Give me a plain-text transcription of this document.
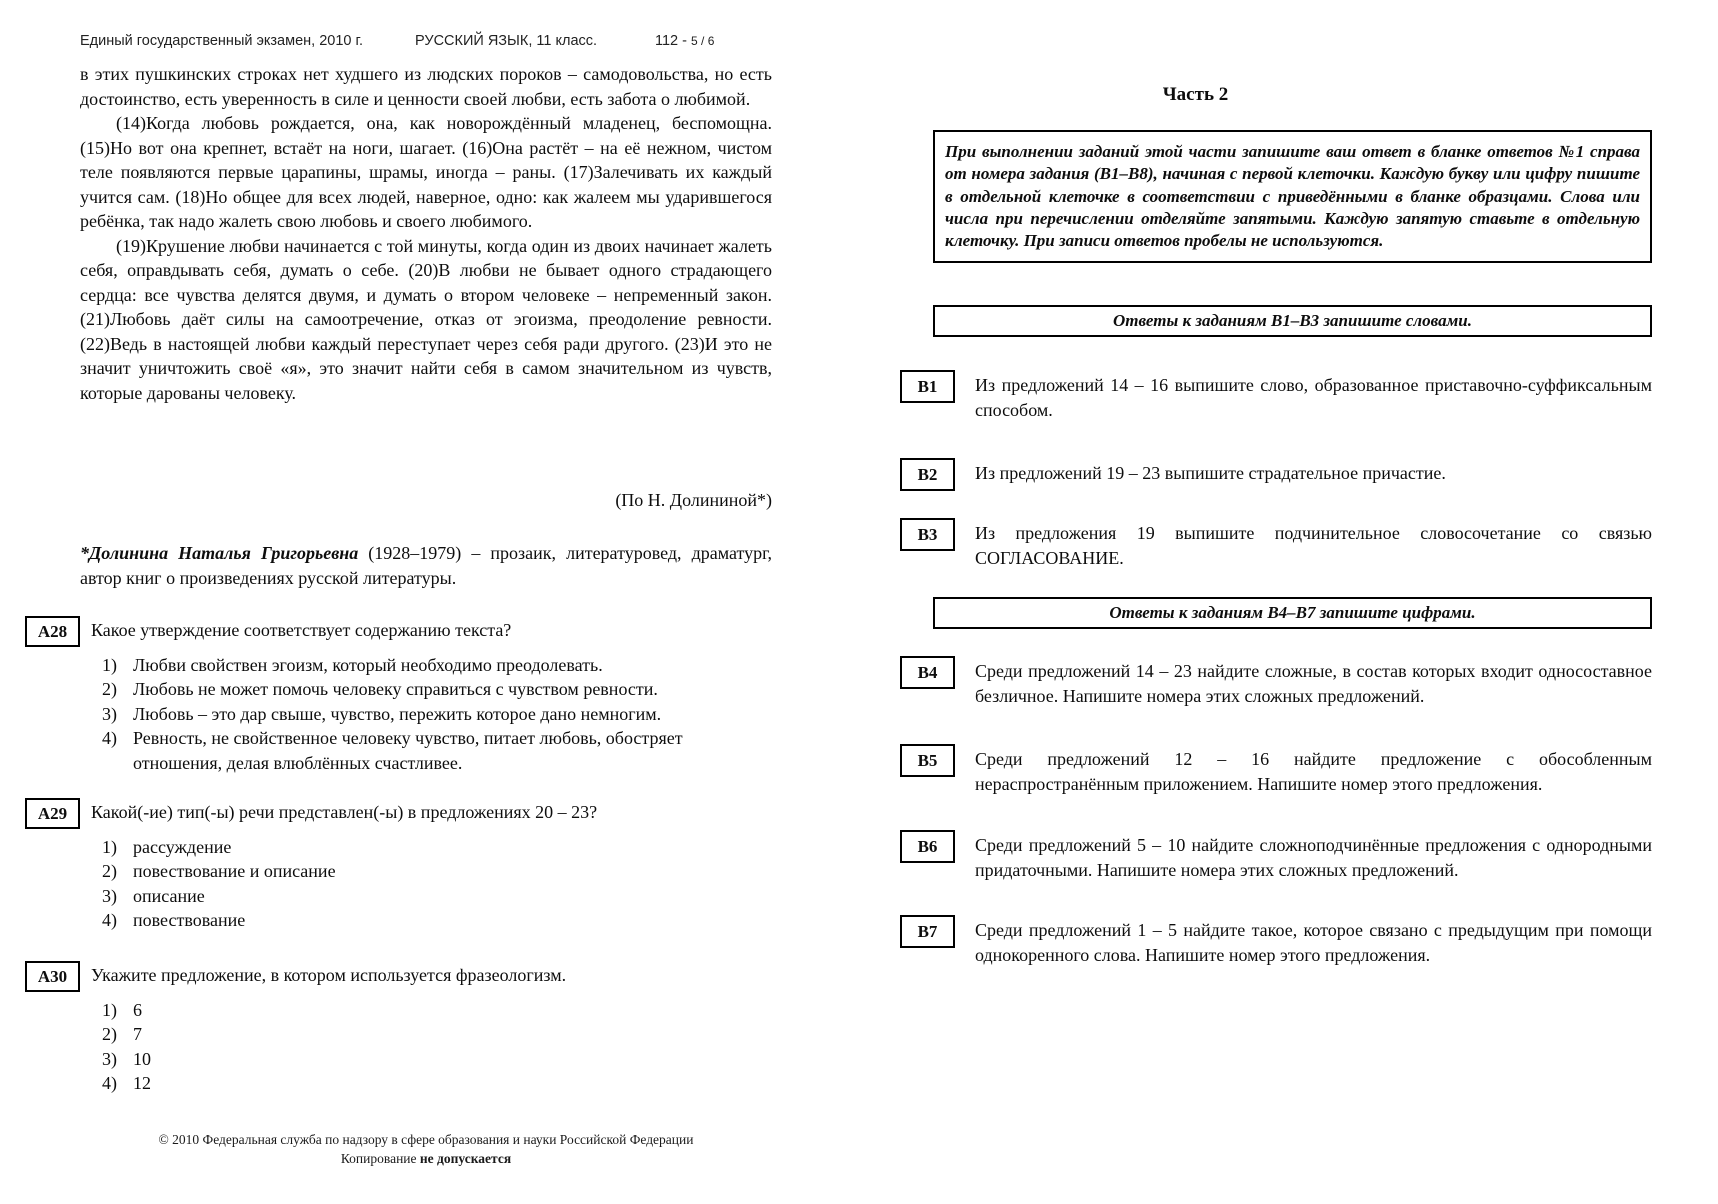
Единый государственный экзамен, 2010 г.	РУССКИЙ ЯЗЫК, 11 класс.	112 - 5 / 6

в этих пушкинских строках нет худшего из людских пороков – самодовольства, но есть достоинство, есть уверенность в силе и ценности своей любви, есть забота о любимой.

(14)Когда любовь рождается, она, как новорождённый младенец, беспомощна. (15)Но вот она крепнет, встаёт на ноги, шагает. (16)Она растёт – на её нежном, чистом теле появляются первые царапины, шрамы, иногда – раны. (17)Залечивать их каждый учится сам. (18)Но общее для всех людей, наверное, одно: как жалеем мы ударившегося ребёнка, так надо жалеть свою любовь и своего любимого.

(19)Крушение любви начинается с той минуты, когда один из двоих начинает жалеть себя, оправдывать себя, думать о себе. (20)В любви не бывает одного страдающего сердца: все чувства делятся двумя, и думать о втором человеке – непременный закон. (21)Любовь даёт силы на самоотречение, отказ от эгоизма, преодоление ревности. (22)Ведь в настоящей любви каждый переступает через себя ради другого. (23)И это не значит уничтожить своё «я», это значит найти себя в самом значительном из чувств, которые дарованы человеку.

(По Н. Долининой*)
*Долинина Наталья Григорьевна (1928–1979) – прозаик, литературовед, драматург, автор книг о произведениях русской литературы.
А28	Какое утверждение соответствует содержанию текста?

1) Любви свойствен эгоизм, который необходимо преодолевать.
2) Любовь не может помочь человеку справиться с чувством ревности.
3) Любовь – это дар свыше, чувство, пережить которое дано немногим.
4) Ревность, не свойственное человеку чувство, питает любовь, обостряет отношения, делая влюблённых счастливее.
А29	Какой(-ие) тип(-ы) речи представлен(-ы) в предложениях 20 – 23?

1) рассуждение
2) повествование и описание
3) описание
4) повествование
А30	Укажите предложение, в котором используется фразеологизм.

1) 6
2) 7
3) 10
4) 12
Часть 2
При выполнении заданий этой части запишите ваш ответ в бланке ответов №1 справа от номера задания (В1–В8), начиная с первой клеточки. Каждую букву или цифру пишите в отдельной клеточке в соответствии с приведёнными в бланке образцами. Слова или числа при перечислении отделяйте запятыми. Каждую запятую ставьте в отдельную клеточку. При записи ответов пробелы не используются.
Ответы к заданиям В1–В3 запишите словами.
В1	Из предложений 14 – 16 выпишите слово, образованное приставочно-суффиксальным способом.

В2	Из предложений 19 – 23 выпишите страдательное причастие.

В3	Из предложения 19 выпишите подчинительное словосочетание со связью СОГЛАСОВАНИЕ.

Ответы к заданиям В4–В7 запишите цифрами.
В4	Среди предложений 14 – 23 найдите сложные, в состав которых входит односоставное безличное. Напишите номера этих сложных предложений.

В5	Среди предложений 12 – 16 найдите предложение с обособленным нераспространённым приложением. Напишите номер этого предложения.

В6	Среди предложений 5 – 10 найдите сложноподчинённые предложения с однородными придаточными. Напишите номера этих сложных предложений.

В7	Среди предложений 1 – 5 найдите такое, которое связано с предыдущим при помощи однокоренного слова. Напишите номер этого предложения.

© 2010 Федеральная служба по надзору в сфере образования и науки Российской Федерации
Копирование не допускается
